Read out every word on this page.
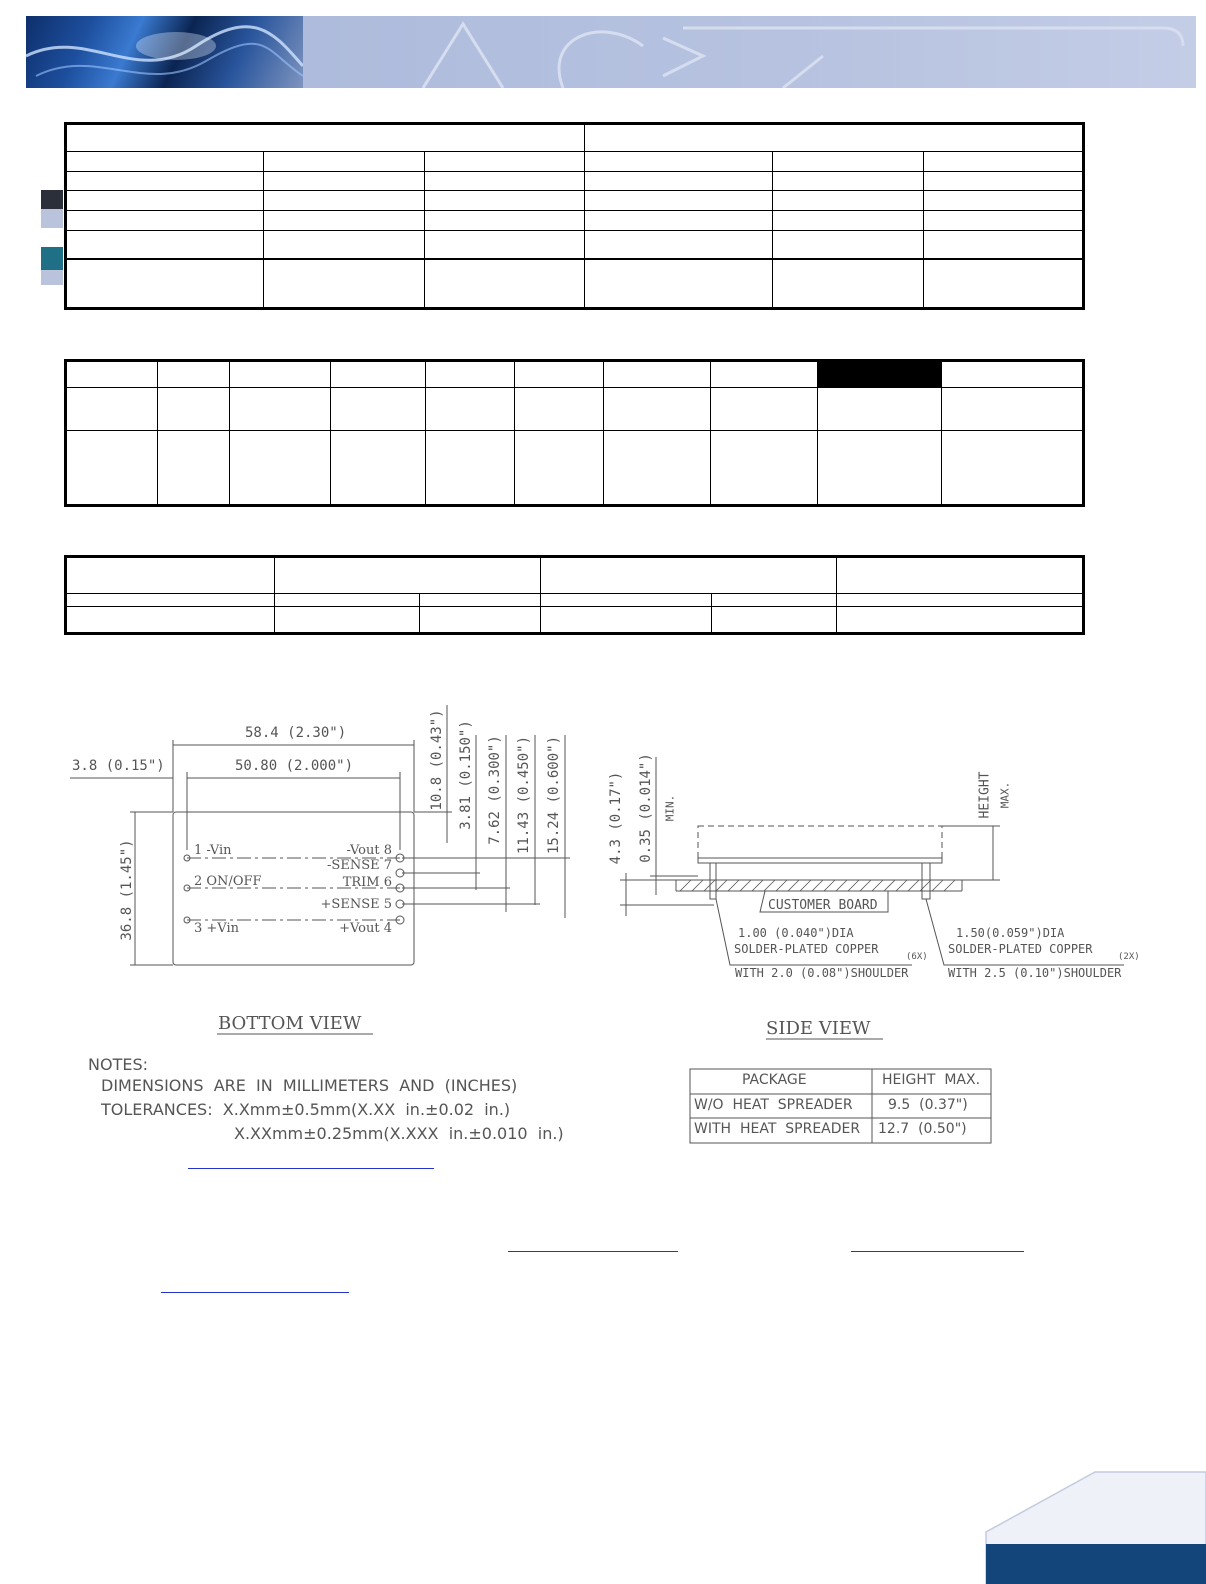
58.4 (2.30")
50.80 (2.000")
3.8 (0.15")
36.8 (1.45")
10.8 (0.43") 3.81 (0.150") 7.62 (0.300") 11.43 (0.450") 15.24 (0.600")
1 -Vin
2 ON/OFF
3 +Vin
-Vout 8
-SENSE 7
TRIM 6
+SENSE 5
+Vout 4
BOTTOM VIEW
4.3 (0.17") 0.35 (0.014") MIN.	HEIGHT MAX.
CUSTOMER BOARD
1.00 (0.040")DIA
SOLDER-PLATED COPPER
WITH 2.0 (0.08")SHOULDER
(6X)
1.50(0.059")DIA
SOLDER-PLATED COPPER
WITH 2.5 (0.10")SHOULDER
(2X)
SIDE VIEW
NOTES:
DIMENSIONS  ARE  IN  MILLIMETERS  AND  (INCHES)
TOLERANCES:  X.Xmm±0.5mm(X.XX  in.±0.02  in.)
X.XXmm±0.25mm(X.XXX  in.±0.010  in.)
PACKAGE	HEIGHT  MAX.
W/O  HEAT  SPREADER	9.5  (0.37")
WITH  HEAT  SPREADER 12.7  (0.50")
